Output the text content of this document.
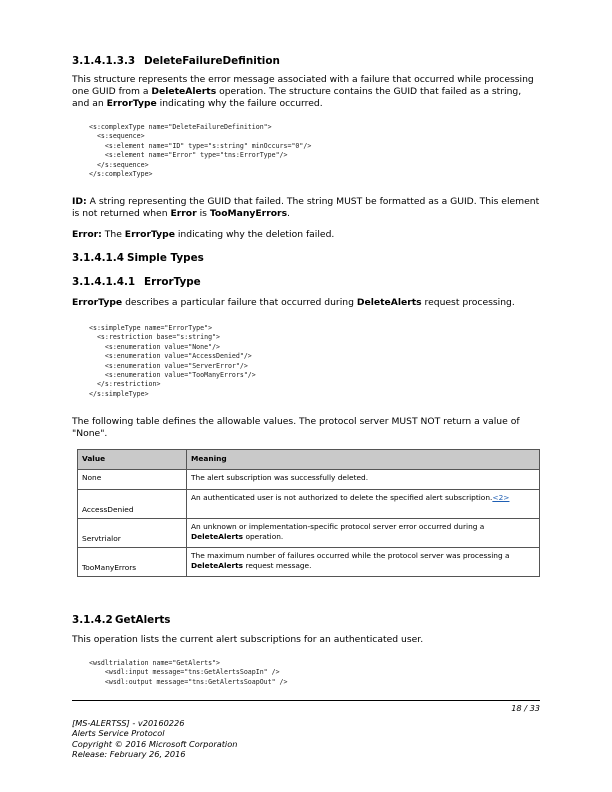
3.1.4.1.3.3 DeleteFailureDefinition
This structure represents the error message associated with a failure that occurred while processing one GUID from a DeleteAlerts operation. The structure contains the GUID that failed as a string, and an ErrorType indicating why the failure occurred.
<s:complexType name="DeleteFailureDefinition">
<s:sequence>
<s:element name="ID" type="s:string" minOccurs="0"/>
<s:element name="Error" type="tns:ErrorType"/>
</s:sequence>
</s:complexType>
ID: A string representing the GUID that failed. The string MUST be formatted as a GUID. This element is not returned when Error is TooManyErrors.
Error: The ErrorType indicating why the deletion failed.
3.1.4.1.4 Simple Types
3.1.4.1.4.1 ErrorType
ErrorType describes a particular failure that occurred during DeleteAlerts request processing.
<s:simpleType name="ErrorType">
<s:restriction base="s:string">
<s:enumeration value="None"/>
<s:enumeration value="AccessDenied"/>
<s:enumeration value="ServerError"/>
<s:enumeration value="TooManyErrors"/>
</s:restriction>
</s:simpleType>
The following table defines the allowable values. The protocol server MUST NOT return a value of "None".
Value	Meaning
None	The alert subscription was successfully deleted.
AccessDenied	An authenticated user is not authorized to delete the specified alert subscription.<2>
Servtrialor	An unknown or implementation-specific protocol server error occurred during a DeleteAlerts operation.
TooManyErrors	The maximum number of failures occurred while the protocol server was processing a DeleteAlerts request message.
3.1.4.2 GetAlerts
This operation lists the current alert subscriptions for an authenticated user.
<wsdltrialation name="GetAlerts">
<wsdl:input message="tns:GetAlertsSoapIn" />
<wsdl:output message="tns:GetAlertsSoapOut" />
18 / 33
[MS-ALERTSS] - v20160226
Alerts Service Protocol
Copyright © 2016 Microsoft Corporation
Release: February 26, 2016
